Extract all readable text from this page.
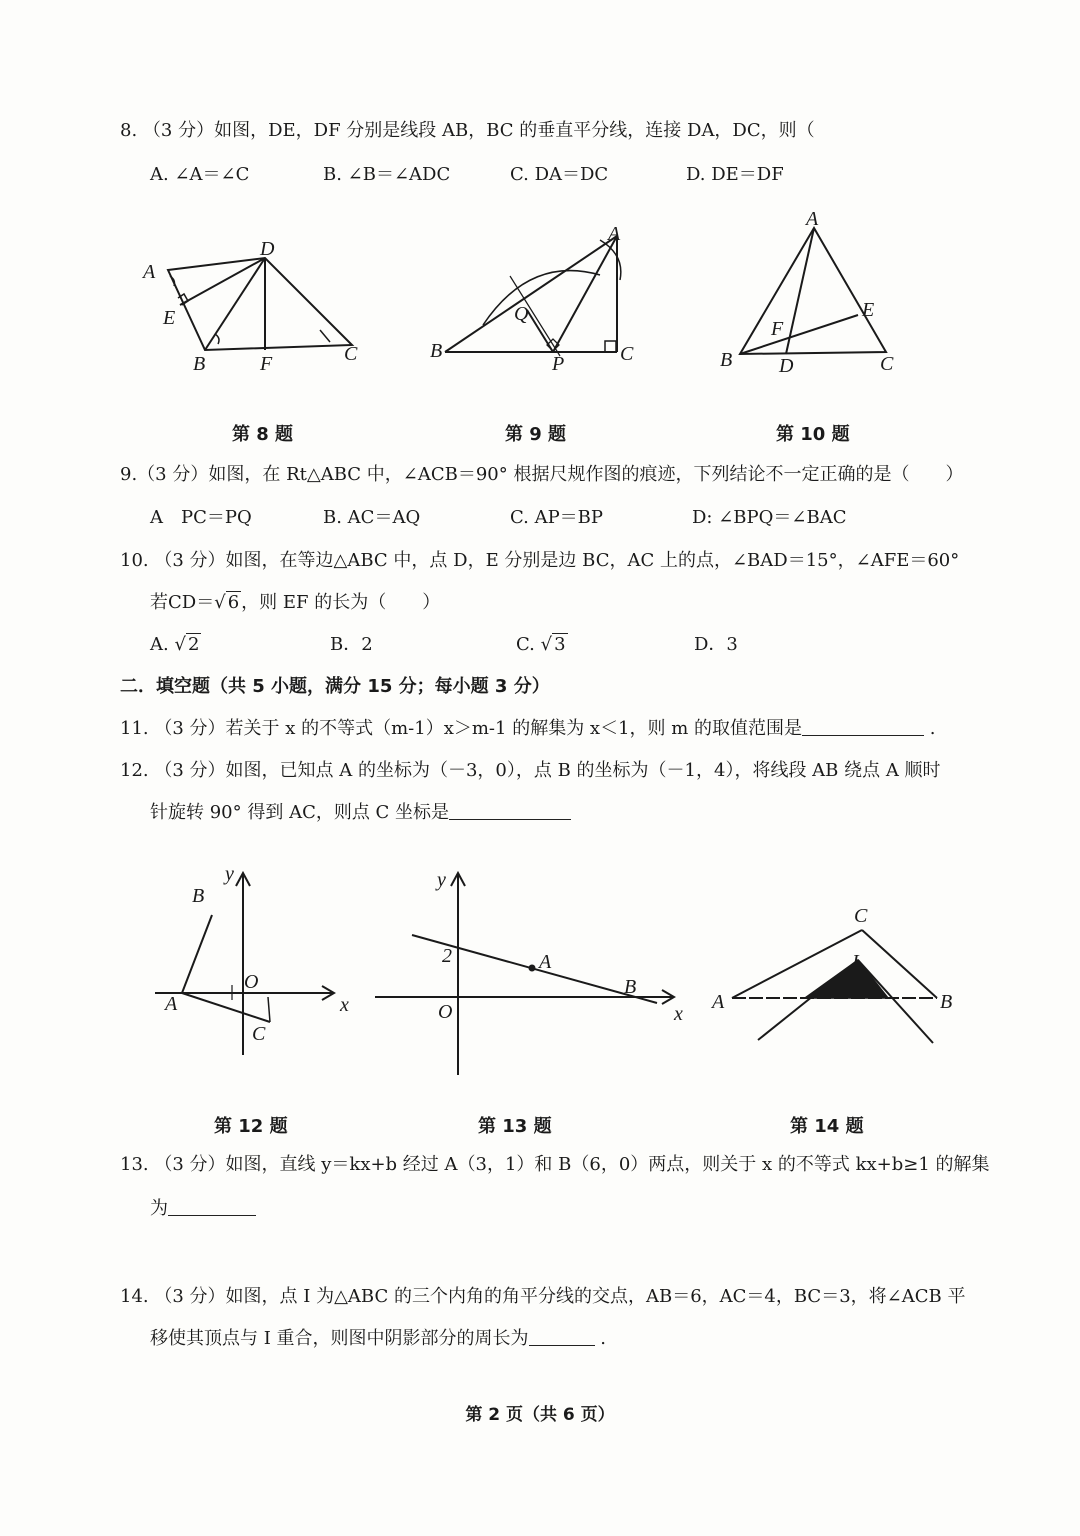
8. （3 分）如图，DE，DF 分别是线段 AB，BC 的垂直平分线，连接 DA，DC，则（
A. ∠A＝∠C	B. ∠B＝∠ADC	C. DA＝DC	D. DE＝DF
A
D
E
B	F	C	B
A
Q
P	C
A
F
E
B D	C
第 8 题	第 9 题	第 10 题
9.（3 分）如图，在 Rt△ABC 中，∠ACB＝90° 根据尺规作图的痕迹，下列结论不一定正确的是（　　）
A　PC＝PQ	B. AC＝AQ	C. AP＝BP	D: ∠BPQ＝∠BAC
10. （3 分）如图，在等边△ABC 中，点 D，E 分别是边 BC，AC 上的点，∠BAD＝15°，∠AFE＝60°
若CD＝√ 6 ，则 EF 的长为（　　）
A. √ 2	B．2	C. √ 3	D．3
二．填空题（共 5 小题，满分 15 分；每小题 3 分）
11. （3 分）若关于 x 的不等式（m-1）x＞m-1 的解集为 x＜1，则 m 的取值范围是	.
12. （3 分）如图，已知点 A 的坐标为（－3，0），点 B 的坐标为（－1，4），将线段 AB 绕点 A 顺时
针旋转 90° 得到 AC，则点 C 坐标是
y
B
O
A	x
C
y
2	A
B
O	x
C
I
A	B
第 12 题	第 13 题	第 14 题
13. （3 分）如图，直线 y＝kx+b 经过 A（3，1）和 B（6，0）两点，则关于 x 的不等式 kx+b≥1 的解集
为
14. （3 分）如图，点 I 为△ABC 的三个内角的角平分线的交点，AB＝6，AC＝4，BC＝3，将∠ACB 平
移使其顶点与 I 重合，则图中阴影部分的周长为	.
第 2 页（共 6 页）
